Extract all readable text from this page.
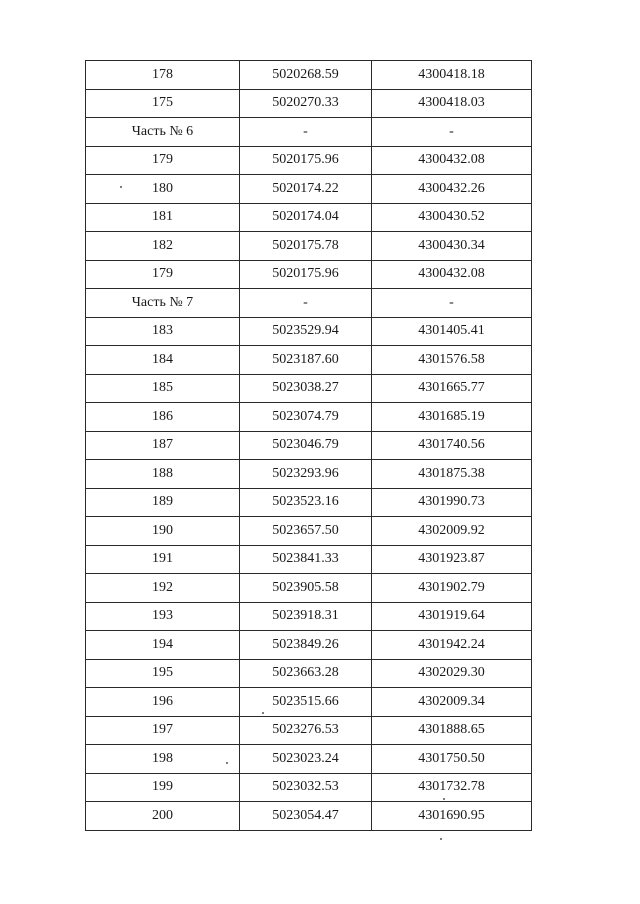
178	5020268.59	4300418.18
175	5020270.33	4300418.03
Часть № 6	-	-
179	5020175.96	4300432.08
180	5020174.22	4300432.26
181	5020174.04	4300430.52
182	5020175.78	4300430.34
179	5020175.96	4300432.08
Часть № 7	-	-
183	5023529.94	4301405.41
184	5023187.60	4301576.58
185	5023038.27	4301665.77
186	5023074.79	4301685.19
187	5023046.79	4301740.56
188	5023293.96	4301875.38
189	5023523.16	4301990.73
190	5023657.50	4302009.92
191	5023841.33	4301923.87
192	5023905.58	4301902.79
193	5023918.31	4301919.64
194	5023849.26	4301942.24
195	5023663.28	4302029.30
196	5023515.66	4302009.34
197	5023276.53	4301888.65
198	5023023.24	4301750.50
199	5023032.53	4301732.78
200	5023054.47	4301690.95
